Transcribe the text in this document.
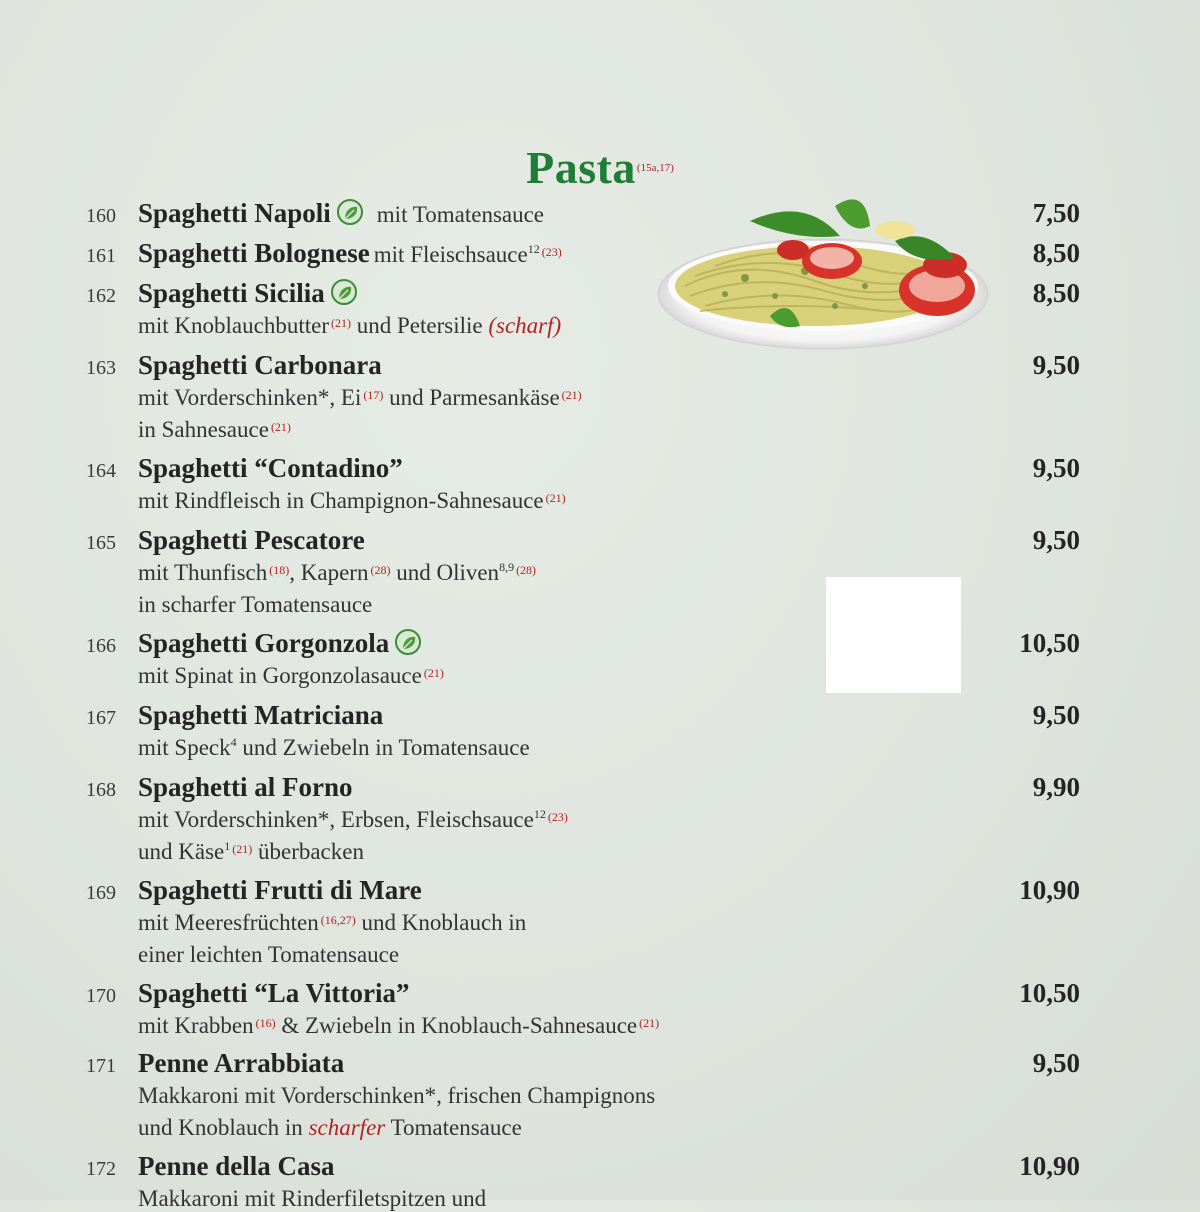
Pasta$^{(15a,17)}$
160 Spaghetti Napoli mit Tomatensauce	7,50
161 Spaghetti Bolognese mit Fleischsauce$^{12}$ $^{(23)}$	8,50
162 Spaghetti Sicilia	8,50
mit Knoblauchbutter $^{(21)}$ und Petersilie (scharf)
163 Spaghetti Carbonara	9,50
mit Vorderschinken*, Ei $^{(17)}$ und Parmesankäse $^{(21)}$
in Sahnesauce $^{(21)}$
164 Spaghetti “Contadino”	9,50
mit Rindfleisch in Champignon-Sahnesauce $^{(21)}$
165 Spaghetti Pescatore	9,50
mit Thunfisch $^{(18)}$, Kapern $^{(28)}$ und Oliven$^{8,9}$ $^{(28)}$
in scharfer Tomatensauce
166 Spaghetti Gorgonzola	10,50
mit Spinat in Gorgonzolasauce $^{(21)}$
167 Spaghetti Matriciana	9,50
mit Speck$^4$ und Zwiebeln in Tomatensauce
168 Spaghetti al Forno	9,90
mit Vorderschinken*, Erbsen, Fleischsauce$^{12}$ $^{(23)}$
und Käse$^1$ $^{(21)}$ überbacken
169 Spaghetti Frutti di Mare	10,90
mit Meeresfrüchten $^{(16,27)}$ und Knoblauch in
einer leichten Tomatensauce
170 Spaghetti “La Vittoria”	10,50
mit Krabben $^{(16)}$ & Zwiebeln in Knoblauch-Sahnesauce $^{(21)}$
171 Penne Arrabbiata	9,50
Makkaroni mit Vorderschinken*, frischen Champignons
und Knoblauch in scharfer Tomatensauce
172 Penne della Casa	10,90
Makkaroni mit Rinderfiletspitzen und
